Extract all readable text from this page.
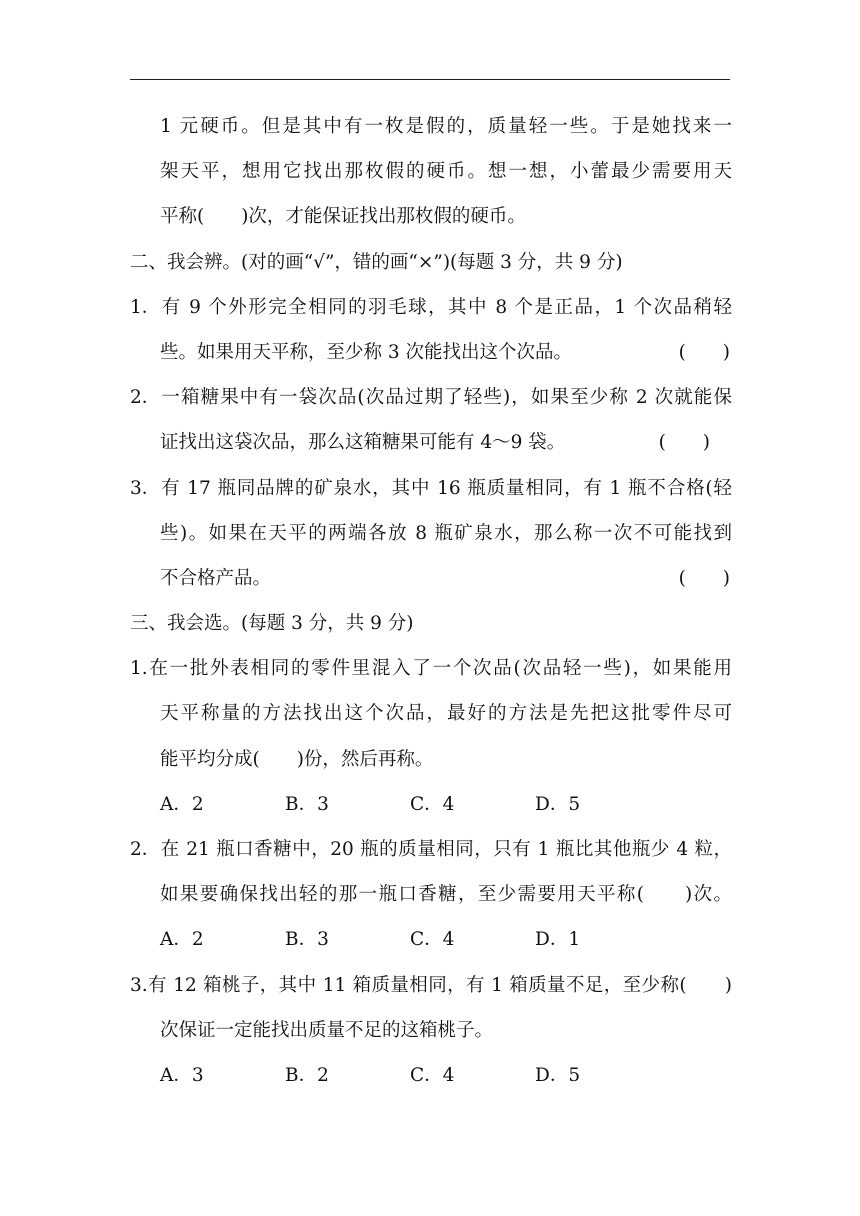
1 元硬币。但是其中有一枚是假的，质量轻一些。于是她找来一
架天平，想用它找出那枚假的硬币。想一想，小蕾最少需要用天
平称(　　)次，才能保证找出那枚假的硬币。
二、我会辨。(对的画“√”，错的画“×”)(每题 3 分，共 9 分)
1．有 9 个外形完全相同的羽毛球，其中 8 个是正品，1 个次品稍轻
些。如果用天平称，至少称 3 次能找出这个次品。	(　　)
2．一箱糖果中有一袋次品(次品过期了轻些)，如果至少称 2 次就能保
证找出这袋次品，那么这箱糖果可能有 4～9 袋。	(　　)
3．有 17 瓶同品牌的矿泉水，其中 16 瓶质量相同，有 1 瓶不合格(轻
些)。如果在天平的两端各放 8 瓶矿泉水，那么称一次不可能找到
不合格产品。	(　　)
三、我会选。(每题 3 分，共 9 分)
1.在一批外表相同的零件里混入了一个次品(次品轻一些)，如果能用
天平称量的方法找出这个次品，最好的方法是先把这批零件尽可
能平均分成(　　)份，然后再称。
A．2	B．3	C．4	D．5
2．在 21 瓶口香糖中，20 瓶的质量相同，只有 1 瓶比其他瓶少 4 粒，
如果要确保找出轻的那一瓶口香糖，至少需要用天平称(　　)次。
A．2	B．3	C．4	D．1
3.有 12 箱桃子，其中 11 箱质量相同，有 1 箱质量不足，至少称(　　)
次保证一定能找出质量不足的这箱桃子。
A．3	B．2	C．4	D．5
